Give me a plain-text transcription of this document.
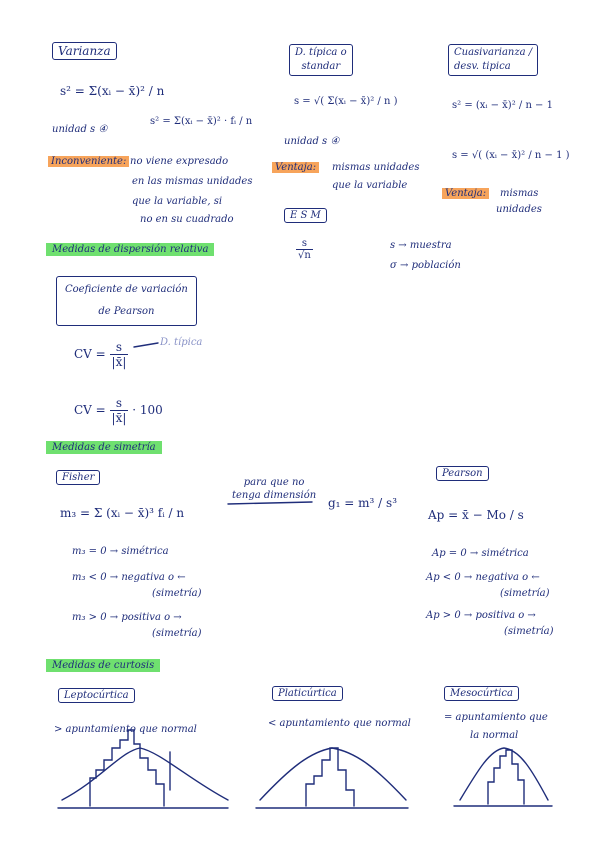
Varianza
s² = Σ(xᵢ − x̄)² / n
unidad s ④
s² = Σ(xᵢ − x̄)² · fᵢ / n
Inconveniente: no viene expresado
en las mismas unidades
que la variable, si
no en su cuadrado
D. típica o
standar
s = √( Σ(xᵢ − x̄)² / n )
unidad s ④
Ventaja:	mismas unidades
que la variable
Cuasivarianza /
desv. tipica
s² = (xᵢ − x̄)² / n − 1
s = √( (xᵢ − x̄)² / n − 1 )
Ventaja:	mismas
unidades
E S M
$\frac{s}{√n}$	s → muestra
σ → población
Medidas de dispersión relativa
Coeficiente de variación
de Pearson
CV = $\frac{s}{|x̄|}$	D. típica
CV = $\frac{s}{|x̄|} \cdot 100$
Medidas de simetría
Fisher
m₃ = Σ (xᵢ − x̄)³ fᵢ / n
para que no
tenga dimensión
g₁ = m³ / s³
m₃ = 0 → simétrica
m₃ < 0 → negativa o ←
(simetría)
m₃ > 0 → positiva o →
(simetría)
Pearson
Ap = x̄ − Mo / s
Ap = 0 → simétrica
Ap < 0 → negativa o ←
(simetría)
Ap > 0 → positiva o →
(simetría)
Medidas de curtosis
Leptocúrtica
> apuntamiento que normal
Platicúrtica
< apuntamiento que normal
Mesocúrtica
= apuntamiento que
la normal
